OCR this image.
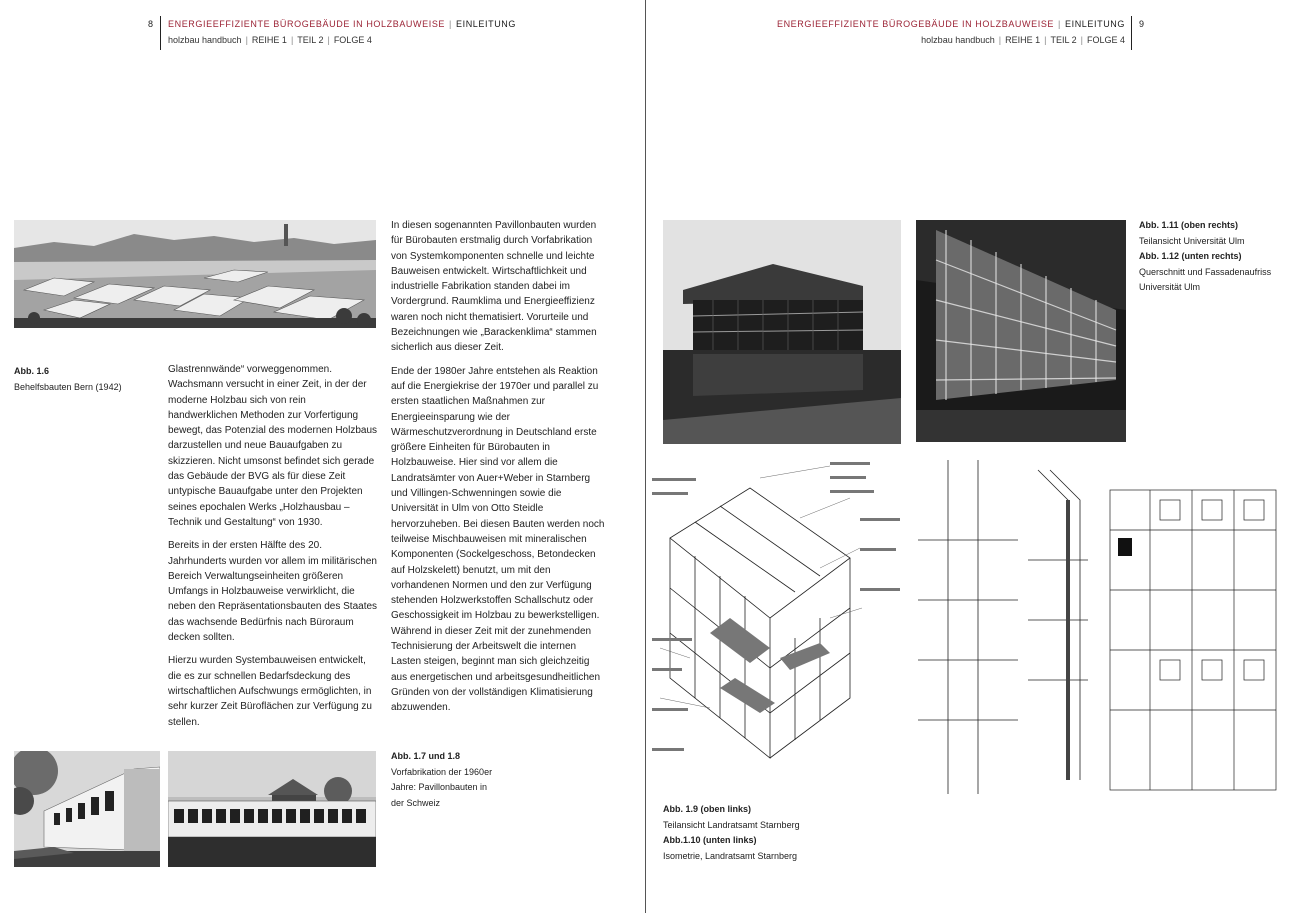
8 ENERGIEEFFIZIENTE BÜROGEBÄUDE IN HOLZBAUWEISE | EINLEITUNG
holzbau handbuch | REIHE 1 | TEIL 2 | FOLGE 4
Abb. 1.6
Behelfsbauten Bern (1942)

Glastrennwände“ vorweggenommen. Wachsmann versucht in einer Zeit, in der der moderne Holzbau sich von rein handwerklichen Methoden zur Vorfertigung bewegt, das Potenzial des modernen Holzbaus darzustellen und neue Bauaufgaben zu skizzieren. Nicht umsonst befindet sich gerade das Gebäude der BVG als für diese Zeit untypische Bauaufgabe unter den Projekten seines epochalen Werks „Holzhausbau – Technik und Gestaltung“ von 1930.

Bereits in der ersten Hälfte des 20. Jahrhunderts wurden vor allem im militärischen Bereich Verwaltungseinheiten größeren Umfangs in Holzbauweise verwirklicht, die neben den Repräsentationsbauten des Staates das wachsende Bedürfnis nach Büroraum decken sollten.

Hierzu wurden Systembauweisen entwickelt, die es zur schnellen Bedarfsdeckung des wirtschaftlichen Aufschwungs ermöglichten, in sehr kurzer Zeit Büroflächen zur Verfügung zu stellen.

In diesen sogenannten Pavillonbauten wurden für Bürobauten erstmalig durch Vorfabrikation von Systemkomponenten schnelle und leichte Bauweisen entwickelt. Wirtschaftlichkeit und industrielle Fabrikation standen dabei im Vordergrund. Raumklima und Energieeffizienz waren noch nicht thematisiert. Vorurteile und Bezeichnungen wie „Barackenklima“ stammen sicherlich aus dieser Zeit.

Ende der 1980er Jahre entstehen als Reaktion auf die Energiekrise der 1970er und parallel zu ersten staatlichen Maßnahmen zur Energieeinsparung wie der Wärmeschutzverordnung in Deutschland erste größere Einheiten für Bürobauten in Holzbauweise. Hier sind vor allem die Landratsämter von Auer+Weber in Starnberg und Villingen-Schwenningen sowie die Universität in Ulm von Otto Steidle hervorzuheben. Bei diesen Bauten werden noch teilweise Mischbauweisen mit mineralischen Komponenten (Sockelgeschoss, Betondecken auf Holzskelett) benutzt, um mit den vorhandenen Normen und den zur Verfügung stehenden Holzwerkstoffen Schallschutz oder Geschossigkeit im Holzbau zu bewerkstelligen. Während in dieser Zeit mit der zunehmenden Technisierung der Arbeitswelt die internen Lasten steigen, beginnt man sich gleichzeitig aus energetischen und arbeitsgesundheitlichen Gründen von der vollständigen Klimatisierung abzuwenden.

Abb. 1.7 und 1.8
Vorfabrikation der 1960er
Jahre: Pavillonbauten in
der Schweiz
ENERGIEEFFIZIENTE BÜROGEBÄUDE IN HOLZBAUWEISE | EINLEITUNG
holzbau handbuch | REIHE 1 | TEIL 2 | FOLGE 4
9
Abb. 1.11 (oben rechts)
Teilansicht Universität Ulm
Abb. 1.12 (unten rechts)
Querschnitt und Fassadenaufriss Universität Ulm
Abb. 1.9 (oben links)
Teilansicht Landratsamt Starnberg
Abb.1.10 (unten links)
Isometrie, Landratsamt Starnberg
